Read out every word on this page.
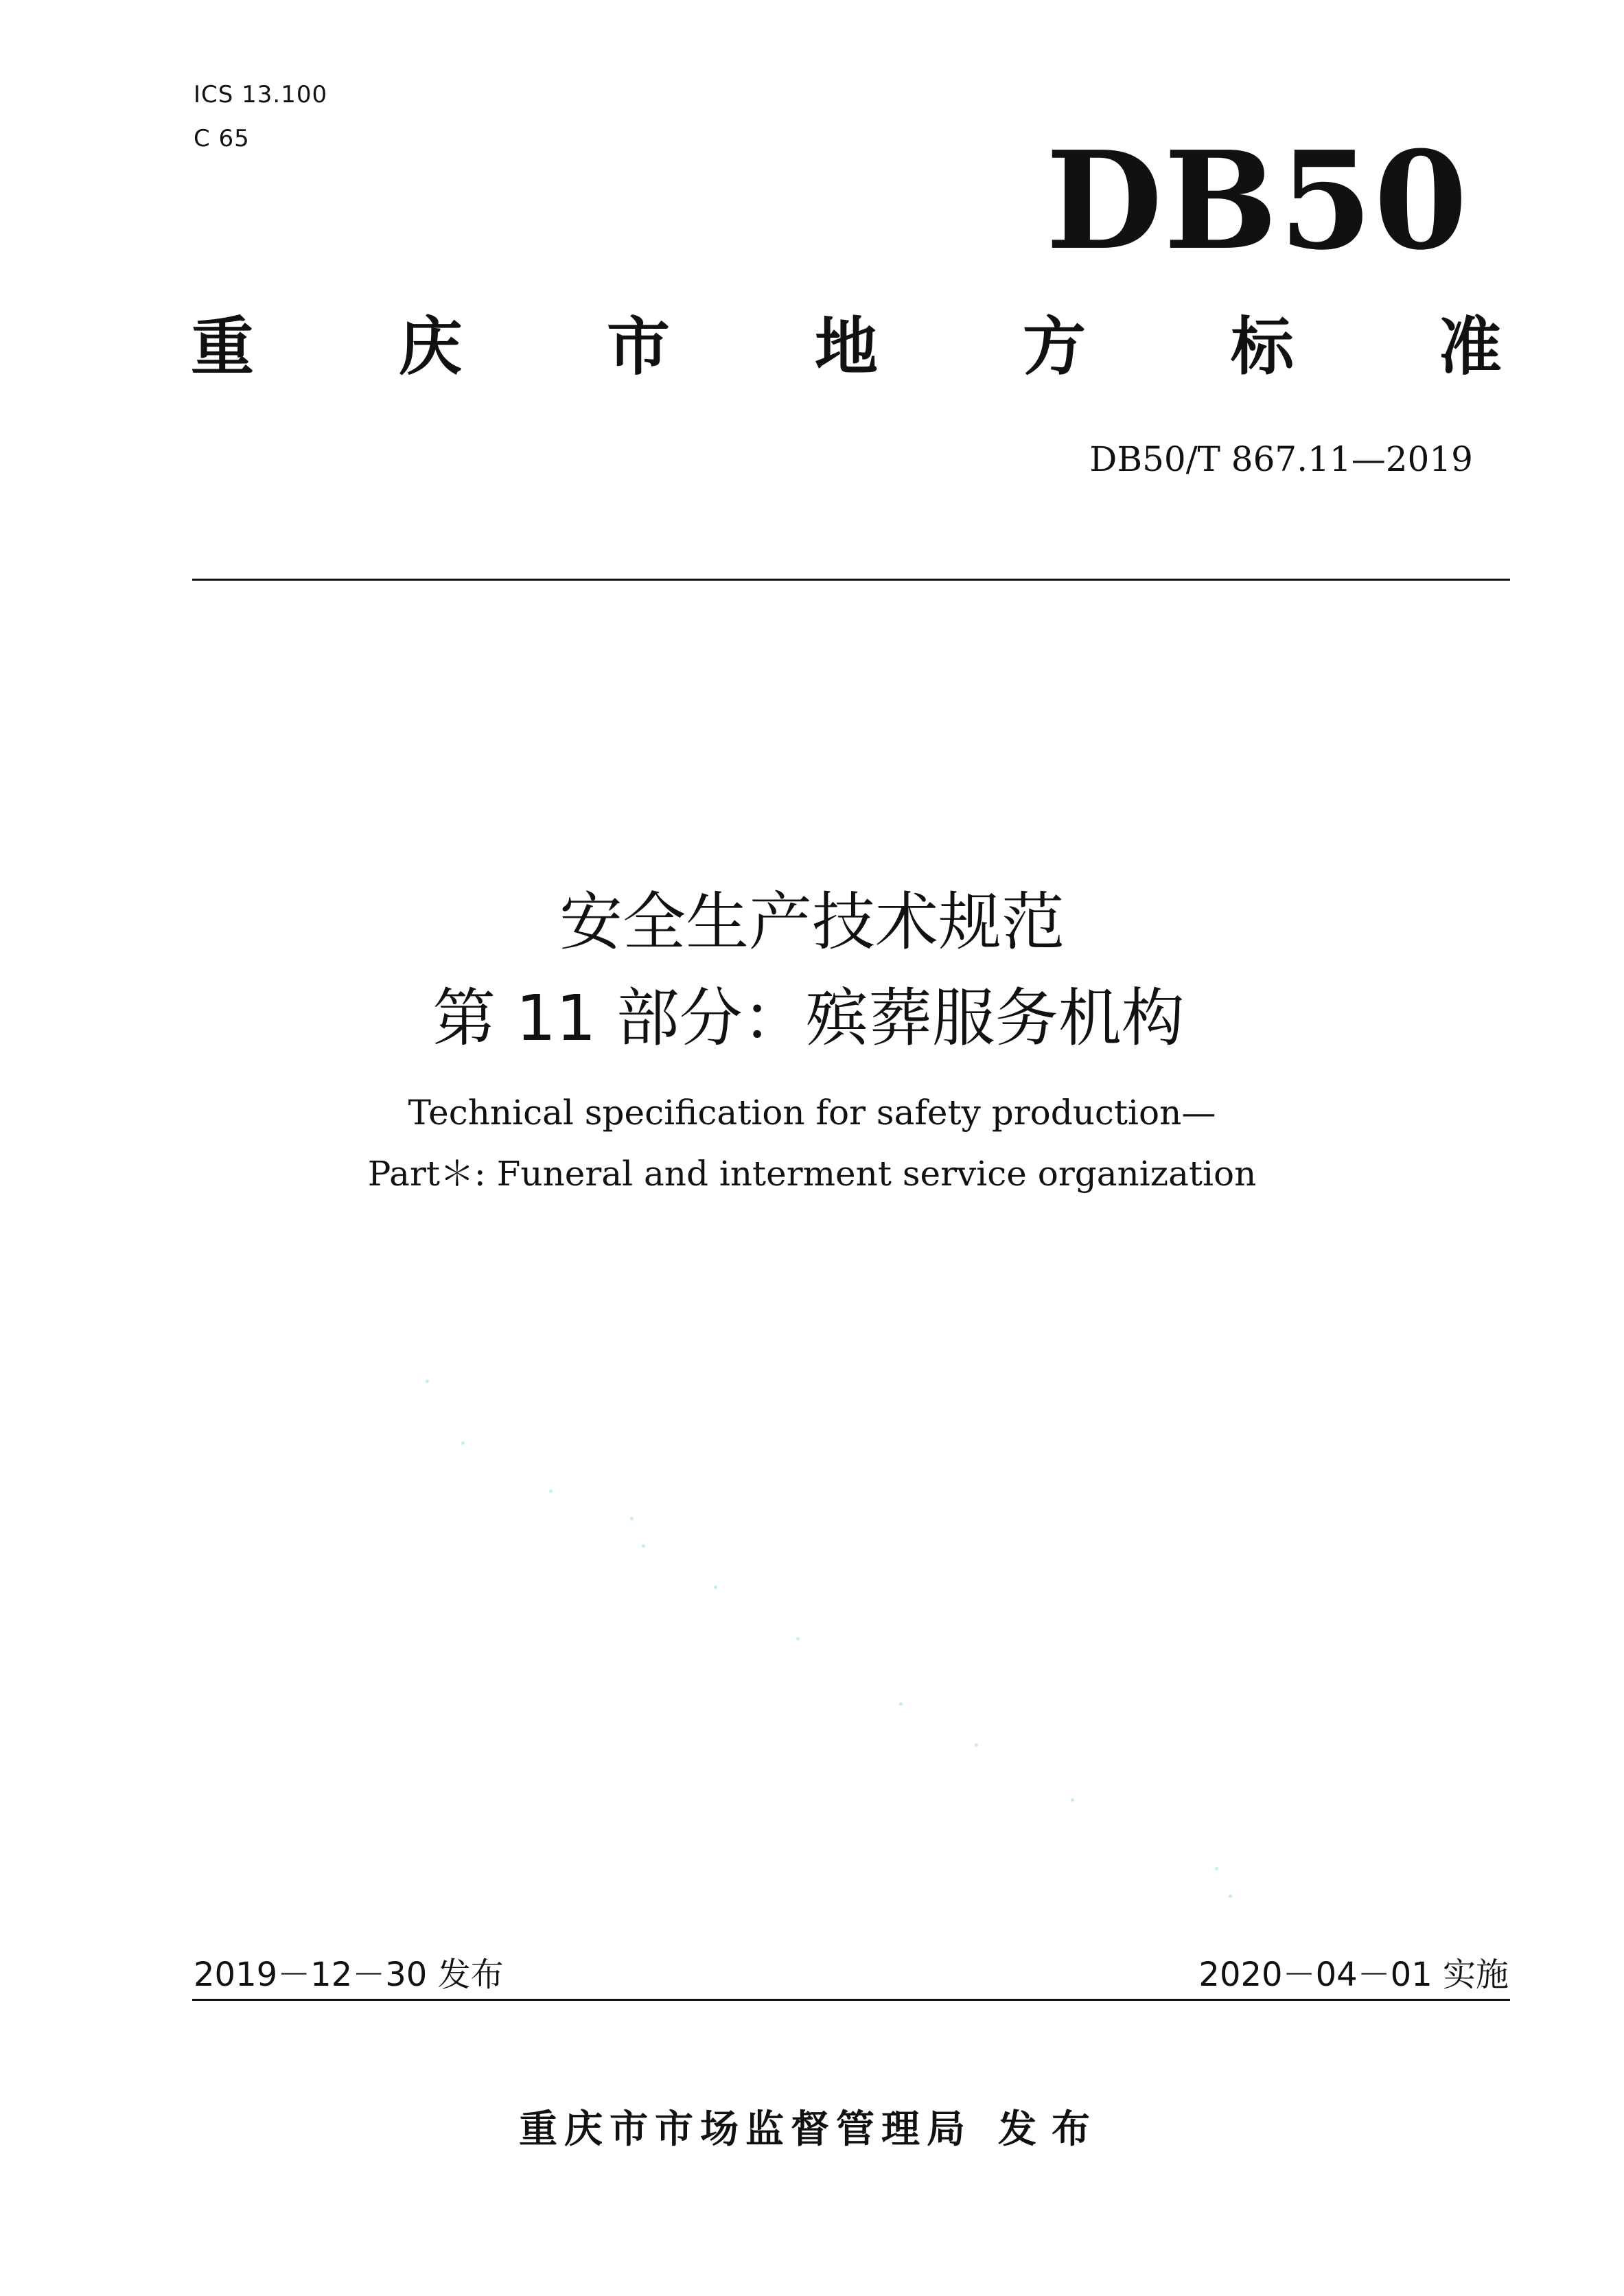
ICS 13.100
C 65	DB50
重 庆 市 地 方 标 准
DB50/T 867.11—2019
安全生产技术规范
第 11 部分：殡葬服务机构
Technical specification for safety production—
Part＊: Funeral and interment service organization
2019－12－30 发布	2020－04－01 实施
重庆市市场监督管理局 发布
